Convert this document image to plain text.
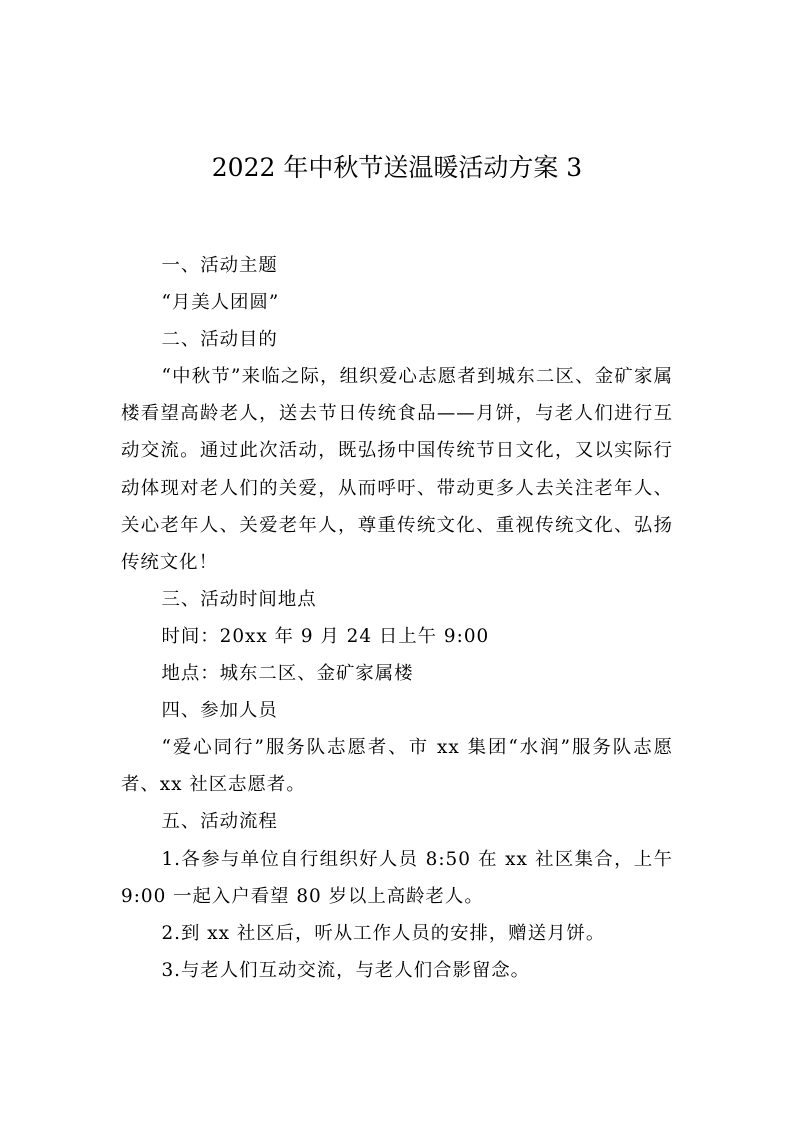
2022 年中秋节送温暖活动方案 3

一、活动主题

“月美人团圆”

二、活动目的

“中秋节”来临之际，组织爱心志愿者到城东二区、金矿家属楼看望高龄老人，送去节日传统食品——月饼，与老人们进行互动交流。通过此次活动，既弘扬中国传统节日文化，又以实际行动体现对老人们的关爱，从而呼吁、带动更多人去关注老年人、关心老年人、关爱老年人，尊重传统文化、重视传统文化、弘扬传统文化！

三、活动时间地点

时间：20xx 年 9 月 24 日上午 9:00

地点：城东二区、金矿家属楼

四、参加人员

“爱心同行”服务队志愿者、市 xx 集团“水润”服务队志愿者、xx 社区志愿者。

五、活动流程

1.各参与单位自行组织好人员 8:50 在 xx 社区集合，上午 9:00 一起入户看望 80 岁以上高龄老人。

2.到 xx 社区后，听从工作人员的安排，赠送月饼。

3.与老人们互动交流，与老人们合影留念。
